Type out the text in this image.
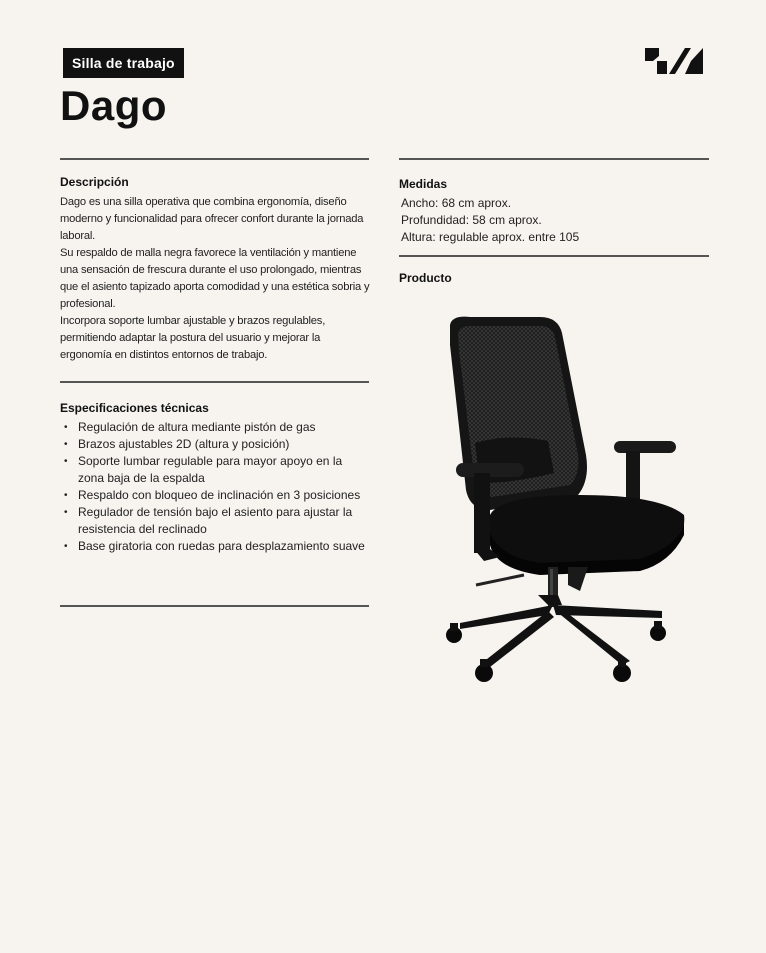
Silla de trabajo
Dago
Descripción

Dago es una silla operativa que combina ergonomía, diseño moderno y funcionalidad para ofrecer confort durante la jornada laboral.

Su respaldo de malla negra favorece la ventilación y mantiene una sensación de frescura durante el uso prolongado, mientras que el asiento tapizado aporta comodidad y una estética sobria y profesional.

Incorpora soporte lumbar ajustable y brazos regulables, permitiendo adaptar la postura del usuario y mejorar la ergonomía en distintos entornos de trabajo.

Especificaciones técnicas
• Regulación de altura mediante pistón de gas
• Brazos ajustables 2D (altura y posición)
• Soporte lumbar regulable para mayor apoyo en la zona baja de la espalda
• Respaldo con bloqueo de inclinación en 3 posiciones
• Regulador de tensión bajo el asiento para ajustar la resistencia del reclinado
• Base giratoria con ruedas para desplazamiento suave
Medidas
Ancho: 68 cm aprox.
Profundidad: 58 cm aprox.
Altura: regulable aprox. entre 105
Producto
